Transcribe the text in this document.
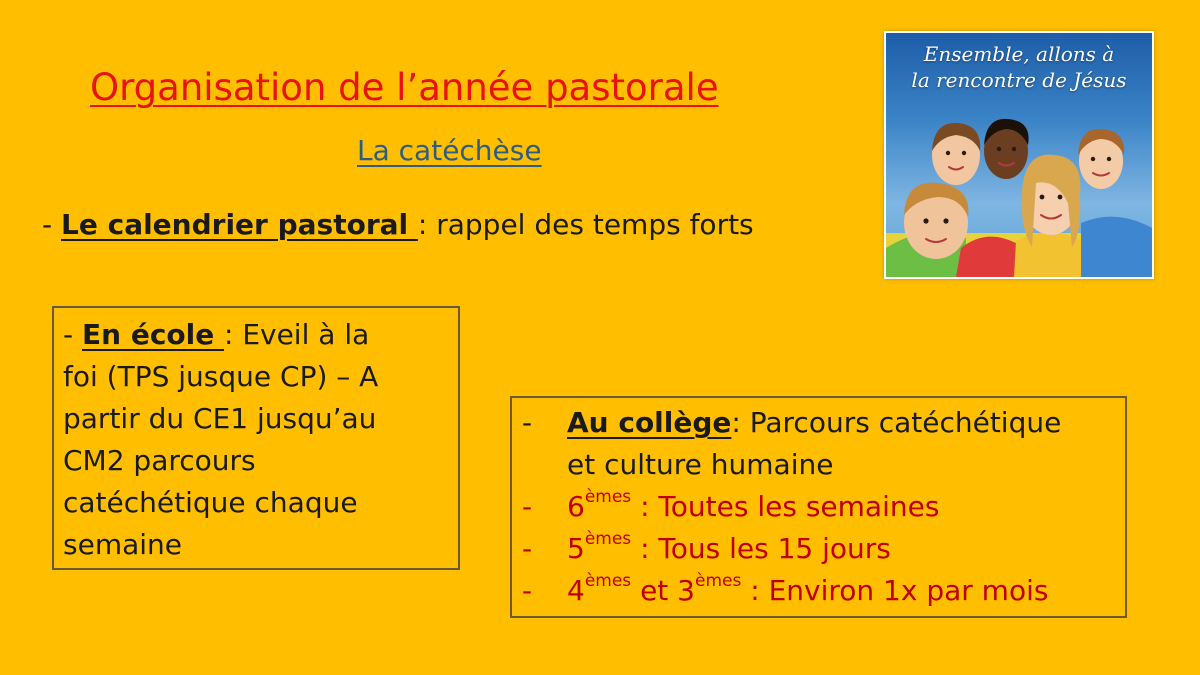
Organisation de l’année pastorale
La catéchèse
- Le calendrier pastoral : rappel des temps forts
- En école : Eveil à la
foi (TPS jusque CP) – A
partir du CE1 jusqu’au
CM2 parcours
catéchétique chaque
semaine
-	Au collège: Parcours catéchétique
et culture humaine
-	6èmes : Toutes les semaines
-	5èmes : Tous les 15 jours
-	4èmes et 3èmes : Environ 1x par mois
Ensemble, allons à
la rencontre de Jésus
